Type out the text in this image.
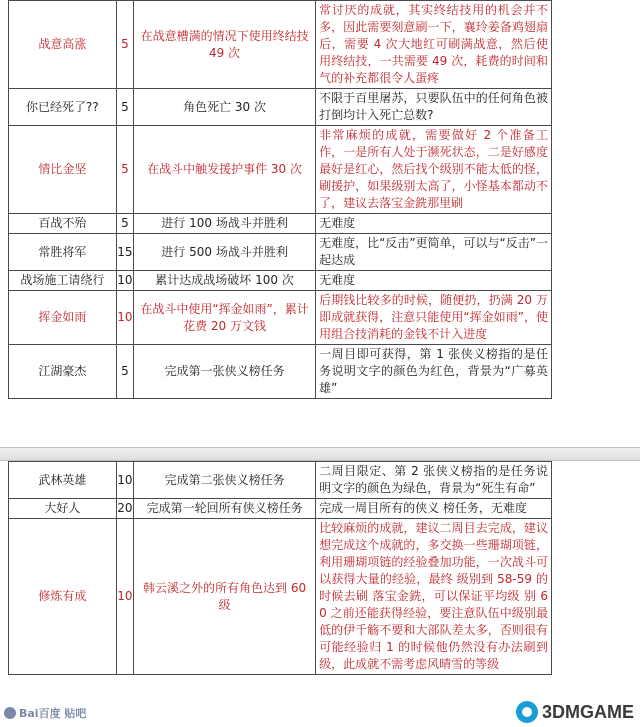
战意高涨	5	在战意槽满的情况下使用终结技 49 次	常讨厌的成就，其实终结技用的机会并不多，因此需要刻意刷一下，襄玲姜备鸡翅扇后，需要 4 次大地红可刷满战意，然后使用终结技，一共需要 49 次，耗费的时间和气的补充都很令人蛋疼
你已经死了??	5	角色死亡 30 次	不限于百里屠苏，只要队伍中的任何角色被打倒均计入死亡总数?
情比金坚	5	在战斗中触发援护事件 30 次	非常麻烦的成就，需要做好 2 个准备工作，一是所有人处于濒死状态，二是好感度最好是红心，然后找个级别不能太低的怪，刷援护，如果级别太高了，小怪基本都动不了，建议去落宝金銑那里刷
百战不殆	5	进行 100 场战斗并胜利	无难度
常胜将军	15	进行 500 场战斗并胜利	无难度，比“反击”更简单，可以与“反击”一起达成
战场施工请绕行	10	累计达成战场破坏 100 次	无难度
挥金如雨	10	在战斗中使用“挥金如雨”，累计花费 20 万文钱	后期钱比较多的时候，随便扔，扔满 20 万即成就获得，注意只能使用“挥金如雨”，使用组合技消耗的金钱不计入进度
江湖豪杰	5	完成第一张侠义榜任务	一周目即可获得，第 1 张侠义榜指的是任务说明文字的颜色为红色，背景为“广募英雄”
武林英雄	10	完成第二张侠义榜任务	二周目限定、第 2 张侠义榜指的是任务说明文字的颜色为绿色，背景为“死生有命”
大好人	20	完成第一轮回所有侠义榜任务	完成一周目所有的侠义 榜任务，无难度
修炼有成	10	韩云溪之外的所有角色达到 60 级	比较麻烦的成就，建议二周目去完成，建议想完成这个成就的，多交换一些珊瑚项链，利用珊瑚项链的经验叠加功能，一次战斗可以获得大量的经验，最终 级别到 58-59 的时候去刷 落宝金銑，可以保证平均级 别 60 之前还能获得经验，要注意队伍中级别最低的伊千觞不要和大部队差太多，否则很有可能经验归 1 的时候他仍然没有办法刷到级，此成就不需考虑风晴雪的等级
Bai百度 贴吧	3DMGAME
